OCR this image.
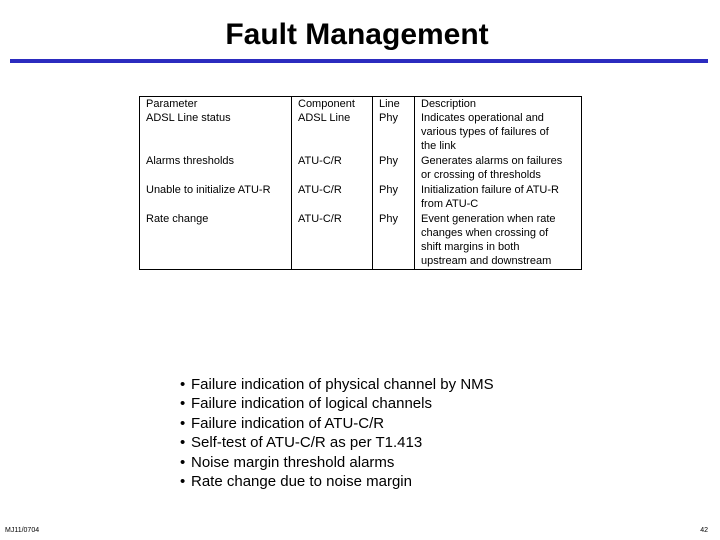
Fault Management
Parameter	Component	Line	Description
ADSL Line status	ADSL Line	Phy	Indicates operational and
various types of failures of
the link

Alarms thresholds	ATU-C/R	Phy	Generates alarms on failures
or crossing of thresholds

Unable to initialize ATU-R	ATU-C/R	Phy	Initialization failure of ATU-R
from ATU-C

Rate change	ATU-C/R	Phy	Event generation when rate
changes when crossing of
shift margins in both
upstream and downstream
• Failure indication of physical channel by NMS
• Failure indication of logical channels
• Failure indication of ATU-C/R
• Self-test of ATU-C/R as per T1.413
• Noise margin threshold alarms
• Rate change due to noise margin
MJ11/0704	42
